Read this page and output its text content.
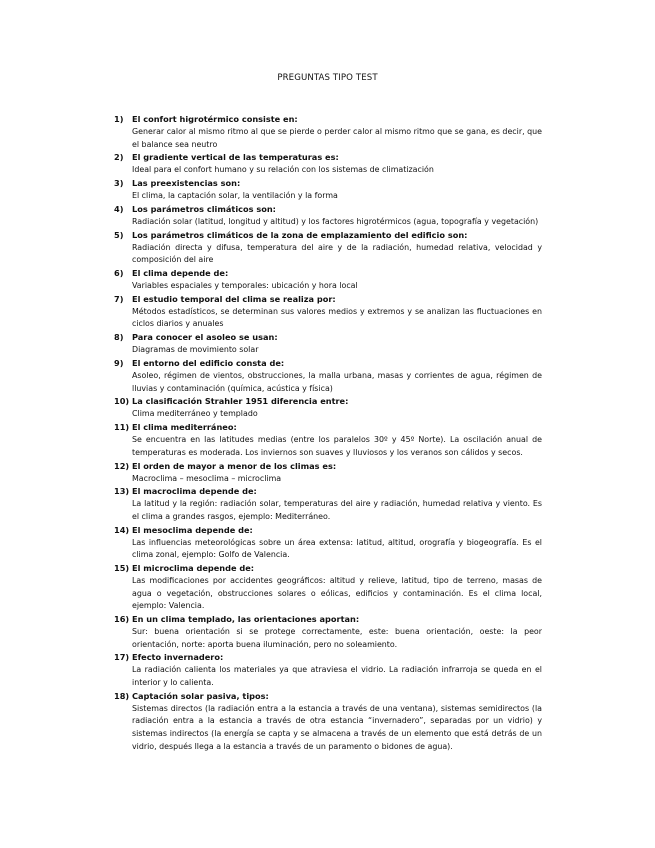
PREGUNTAS TIPO TEST
1)	El confort higrotérmico consiste en:
Generar calor al mismo ritmo al que se pierde o perder calor al mismo ritmo que se gana, es decir, que el balance sea neutro
2)	El gradiente vertical de las temperaturas es:
Ideal para el confort humano y su relación con los sistemas de climatización
3)	Las preexistencias son:
El clima, la captación solar, la ventilación y la forma
4)	Los parámetros climáticos son:
Radiación solar (latitud, longitud y altitud) y los factores higrotérmicos (agua, topografía y vegetación)
5)	Los parámetros climáticos de la zona de emplazamiento del edificio son:
Radiación directa y difusa, temperatura del aire y de la radiación, humedad relativa, velocidad y composición del aire
6)	El clima depende de:
Variables espaciales y temporales: ubicación y hora local
7)	El estudio temporal del clima se realiza por:
Métodos estadísticos, se determinan sus valores medios y extremos y se analizan las fluctuaciones en ciclos diarios y anuales
8)	Para conocer el asoleo se usan:
Diagramas de movimiento solar
9)	El entorno del edificio consta de:
Asoleo, régimen de vientos, obstrucciones, la malla urbana, masas y corrientes de agua, régimen de lluvias y contaminación (química, acústica y física)
10) La clasificación Strahler 1951 diferencia entre:
Clima mediterráneo y templado
11) El clima mediterráneo:
Se encuentra en las latitudes medias (entre los paralelos 30º y 45º Norte). La oscilación anual de temperaturas es moderada. Los inviernos son suaves y lluviosos y los veranos son cálidos y secos.
12) El orden de mayor a menor de los climas es:
Macroclima – mesoclima – microclima
13) El macroclima depende de:
La latitud y la región: radiación solar, temperaturas del aire y radiación, humedad relativa y viento. Es el clima a grandes rasgos, ejemplo: Mediterráneo.
14) El mesoclima depende de:
Las influencias meteorológicas sobre un área extensa: latitud, altitud, orografía y biogeografía. Es el clima zonal, ejemplo: Golfo de Valencia.
15) El microclima depende de:
Las modificaciones por accidentes geográficos: altitud y relieve, latitud, tipo de terreno, masas de agua o vegetación, obstrucciones solares o eólicas, edificios y contaminación. Es el clima local, ejemplo: Valencia.
16) En un clima templado, las orientaciones aportan:
Sur: buena orientación si se protege correctamente, este: buena orientación, oeste: la peor orientación, norte: aporta buena iluminación, pero no soleamiento.
17) Efecto invernadero:
La radiación calienta los materiales ya que atraviesa el vidrio. La radiación infrarroja se queda en el interior y lo calienta.
18) Captación solar pasiva, tipos:
Sistemas directos (la radiación entra a la estancia a través de una ventana), sistemas semidirectos (la radiación entra a la estancia a través de otra estancia “invernadero”, separadas por un vidrio) y sistemas indirectos (la energía se capta y se almacena a través de un elemento que está detrás de un vidrio, después llega a la estancia a través de un paramento o bidones de agua).
